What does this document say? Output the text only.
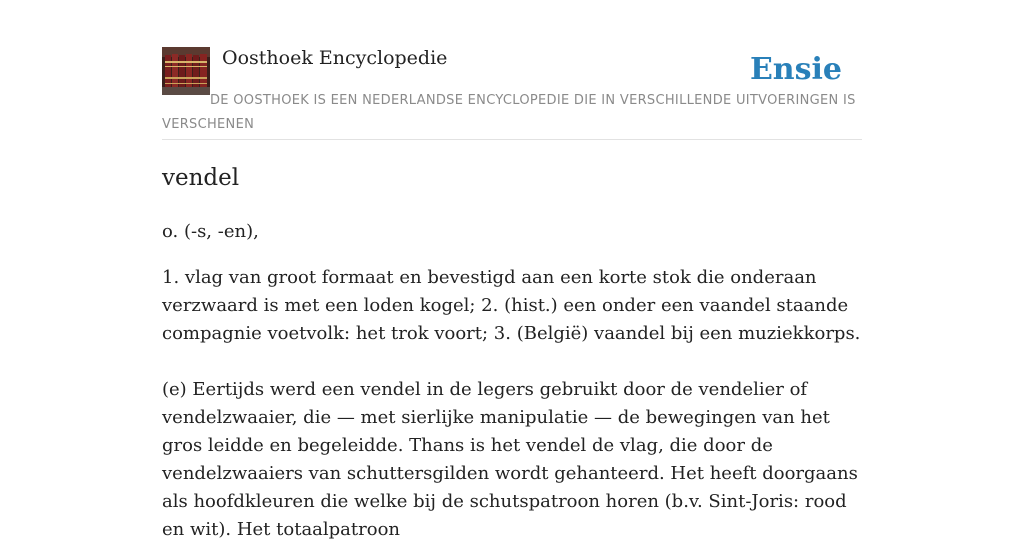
Oosthoek Encyclopedie	Ensie
DE OOSTHOEK IS EEN NEDERLANDSE ENCYCLOPEDIE DIE IN VERSCHILLENDE UITVOERINGEN IS VERSCHENEN
vendel

o. (-s, -en),

1. vlag van groot formaat en bevestigd aan een korte stok die onderaan verzwaard is met een loden kogel; 2. (hist.) een onder een vaandel staande compagnie voetvolk: het trok voort; 3. (België) vaandel bij een muziekkorps.

(e) Eertijds werd een vendel in de legers gebruikt door de vendelier of vendelzwaaier, die — met sierlijke manipulatie — de bewegingen van het gros leidde en begeleidde. Thans is het vendel de vlag, die door de vendelzwaaiers van schuttersgilden wordt gehanteerd. Het heeft doorgaans als hoofdkleuren die welke bij de schutspatroon horen (b.v. Sint-Joris: rood en wit). Het totaalpatroon
